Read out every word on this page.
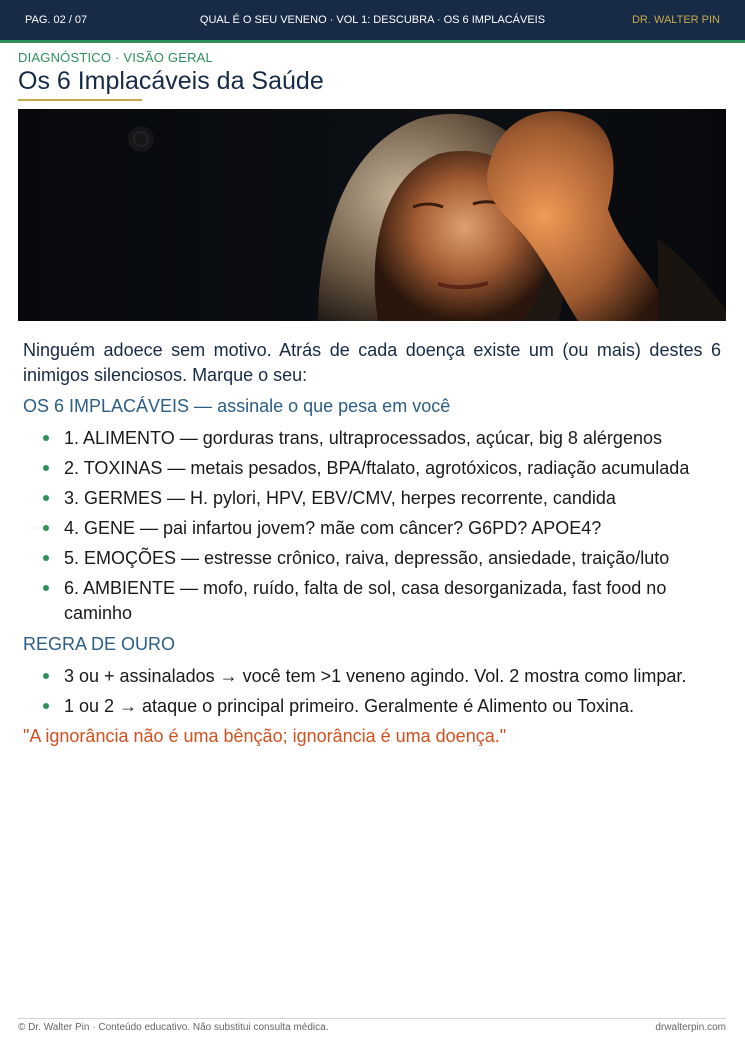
PAG. 02 / 07	QUAL É O SEU VENENO · VOL 1: DESCUBRA · OS 6 IMPLACÁVEIS	DR. WALTER PIN
DIAGNÓSTICO · VISÃO GERAL
Os 6 Implacáveis da Saúde

Ninguém adoece sem motivo. Atrás de cada doença existe um (ou mais) destes 6 inimigos silenciosos. Marque o seu:

OS 6 IMPLACÁVEIS — assinale o que pesa em você
1. ALIMENTO — gorduras trans, ultraprocessados, açúcar, big 8 alérgenos
2. TOXINAS — metais pesados, BPA/ftalato, agrotóxicos, radiação acumulada
3. GERMES — H. pylori, HPV, EBV/CMV, herpes recorrente, candida
4. GENE — pai infartou jovem? mãe com câncer? G6PD? APOE4?
5. EMOÇÕES — estresse crônico, raiva, depressão, ansiedade, traição/luto
6. AMBIENTE — mofo, ruído, falta de sol, casa desorganizada, fast food no caminho
REGRA DE OURO
3 ou + assinalados → você tem >1 veneno agindo. Vol. 2 mostra como limpar.
1 ou 2 → ataque o principal primeiro. Geralmente é Alimento ou Toxina.

"A ignorância não é uma bênção; ignorância é uma doença."

© Dr. Walter Pin · Conteúdo educativo. Não substitui consulta médica.	drwalterpin.com
